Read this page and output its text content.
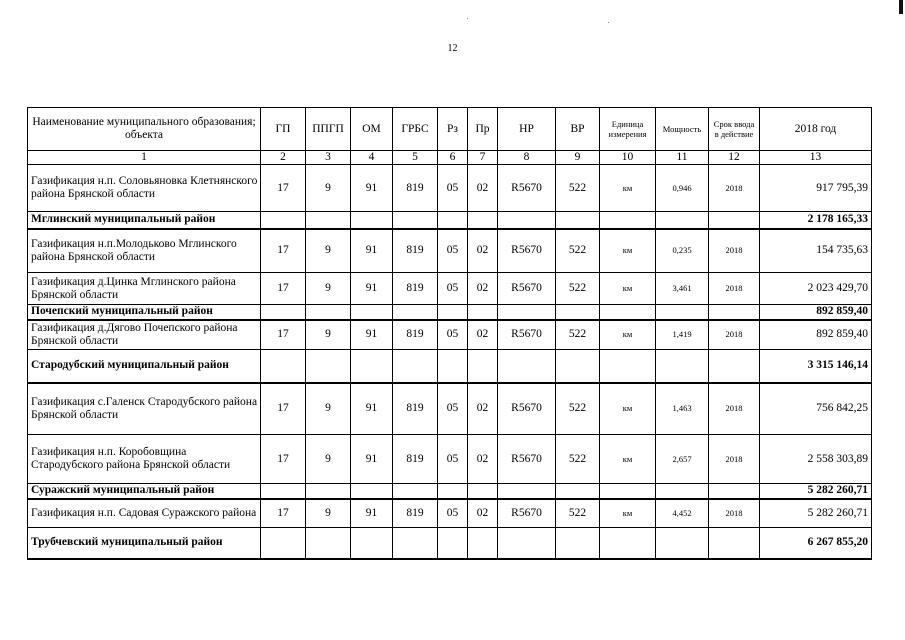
12
Наименование муниципального образования; объекта	ГП	ППГП	ОМ	ГРБС	Рз	Пр	НР	ВР	Единица измерения	Мощность	Срок ввода в действие	2018 год
1	2	3	4	5	6	7	8	9	10	11	12	13
Газификация н.п. Соловьяновка Клетнянского района Брянской области	17	9	91	819	05	02	R5670	522	км	0,946	2018	917 795,39
Мглинский муниципальный район												2 178 165,33
Газификация н.п.Молодьково Мглинского района Брянской области	17	9	91	819	05	02	R5670	522	км	0,235	2018	154 735,63
Газификация д.Цинка Мглинского района Брянской области	17	9	91	819	05	02	R5670	522	км	3,461	2018	2 023 429,70
Почепский муниципальный район												892 859,40
Газификация д.Дягово Почепского района Брянской области	17	9	91	819	05	02	R5670	522	км	1,419	2018	892 859,40
Стародубский муниципальный район												3 315 146,14
Газификация с.Галенск Стародубского района Брянской области	17	9	91	819	05	02	R5670	522	км	1,463	2018	756 842,25
Газификация н.п. Коробовщина Стародубского района Брянской области	17	9	91	819	05	02	R5670	522	км	2,657	2018	2 558 303,89
Суражский муниципальный район												5 282 260,71
Газификация н.п. Садовая Суражского района	17	9	91	819	05	02	R5670	522	км	4,452	2018	5 282 260,71
Трубчевский муниципальный район												6 267 855,20
